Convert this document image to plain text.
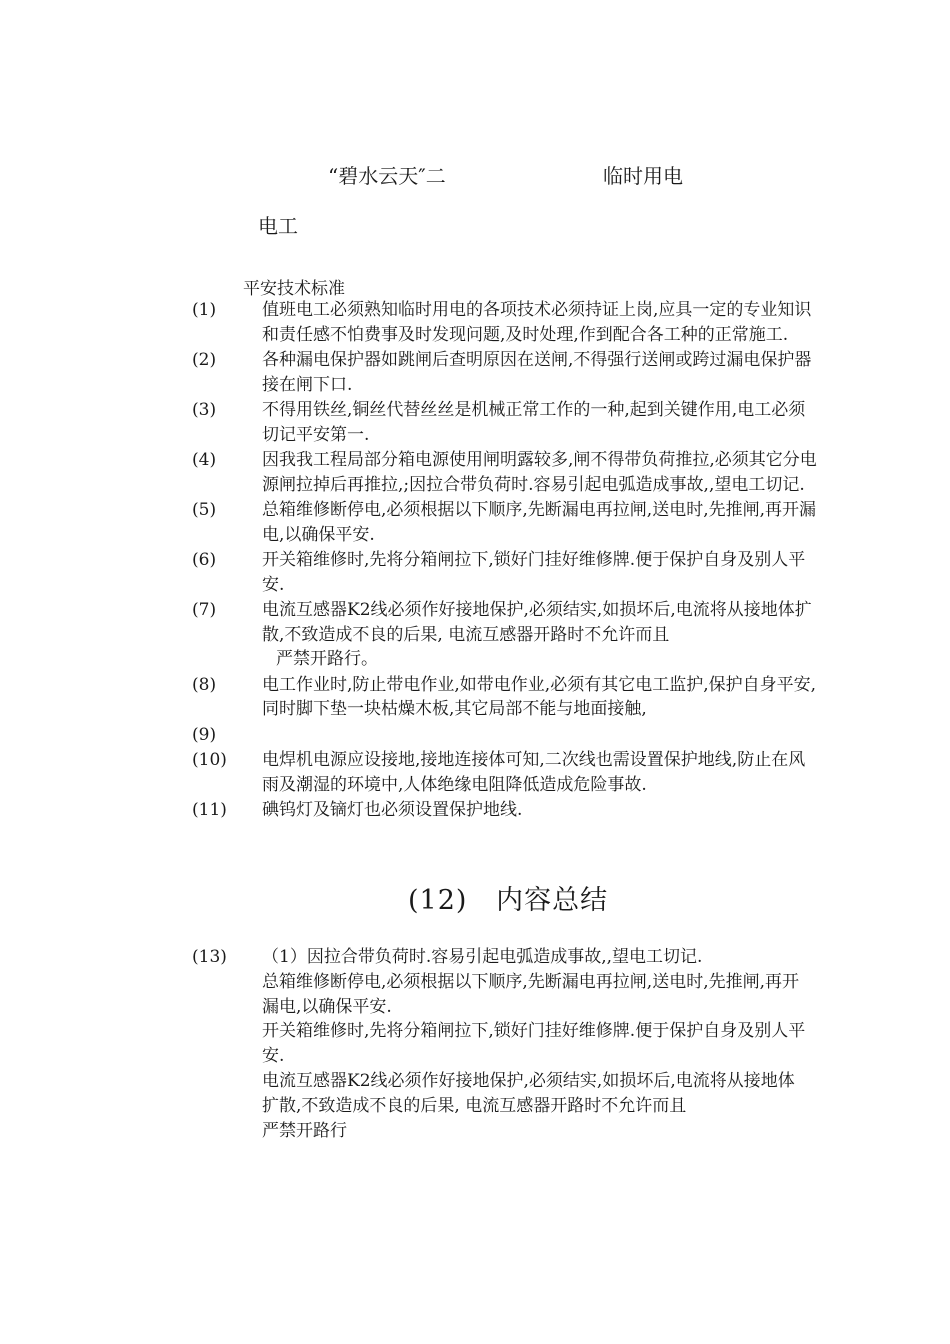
“碧水云天″二	临时用电
电工
平安技术标准
(1)	值班电工必须熟知临时用电的各项技术必须持证上岗,应具一定的专业知识和责任感不怕费事及时发现问题,及时处理,作到配合各工种的正常施工.
(2)	各种漏电保护器如跳闸后查明原因在送闸,不得强行送闸或跨过漏电保护器接在闸下口.
(3)	不得用铁丝,铜丝代替丝丝是机械正常工作的一种,起到关键作用,电工必须切记平安第一.
(4)	因我我工程局部分箱电源使用闸明露较多,闸不得带负荷推拉,必须其它分电源闸拉掉后再推拉,;因拉合带负荷时.容易引起电弧造成事故,,望电工切记.
(5)	总箱维修断停电,必须根据以下顺序,先断漏电再拉闸,送电时,先推闸,再开漏电,以确保平安.
(6)	开关箱维修时,先将分箱闸拉下,锁好门挂好维修牌.便于保护自身及别人平安.
(7)	电流互感器K2线必须作好接地保护,必须结实,如损坏后,电流将从接地体扩散,不致造成不良的后果, 电流互感器开路时不允许而且
严禁开路行。
(8)	电工作业时,防止带电作业,如带电作业,必须有其它电工监护,保护自身平安,同时脚下垫一块枯燥木板,其它局部不能与地面接触,
(9)
(10)	电焊机电源应设接地,接地连接体可知,二次线也需设置保护地线,防止在风雨及潮湿的环境中,人体绝缘电阻降低造成危险事故.
(11)	碘钨灯及镝灯也必须设置保护地线.
(12)   内容总结
(13)	（1）因拉合带负荷时.容易引起电弧造成事故,,望电工切记.
总箱维修断停电,必须根据以下顺序,先断漏电再拉闸,送电时,先推闸,再开漏电,以确保平安.
开关箱维修时,先将分箱闸拉下,锁好门挂好维修牌.便于保护自身及别人平安.
电流互感器K2线必须作好接地保护,必须结实,如损坏后,电流将从接地体扩散,不致造成不良的后果, 电流互感器开路时不允许而且
严禁开路行
